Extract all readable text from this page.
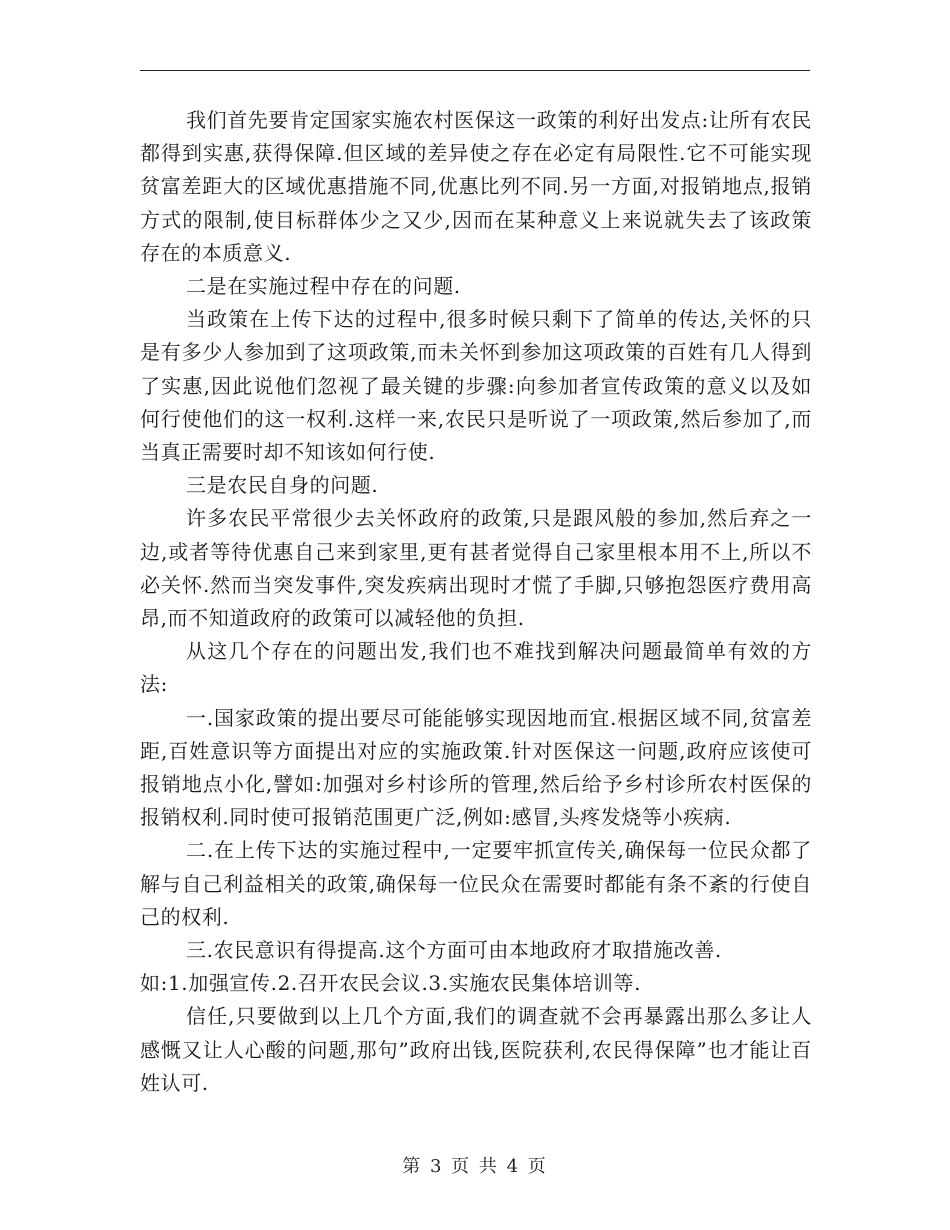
我们首先要肯定国家实施农村医保这一政策的利好出发点:让所有农民都得到实惠,获得保障.但区域的差异使之存在必定有局限性.它不可能实现贫富差距大的区域优惠措施不同,优惠比列不同.另一方面,对报销地点,报销方式的限制,使目标群体少之又少,因而在某种意义上来说就失去了该政策存在的本质意义.

二是在实施过程中存在的问题.

当政策在上传下达的过程中,很多时候只剩下了简单的传达,关怀的只是有多少人参加到了这项政策,而未关怀到参加这项政策的百姓有几人得到了实惠,因此说他们忽视了最关键的步骤:向参加者宣传政策的意义以及如何行使他们的这一权利.这样一来,农民只是听说了一项政策,然后参加了,而当真正需要时却不知该如何行使.

三是农民自身的问题.

许多农民平常很少去关怀政府的政策,只是跟风般的参加,然后弃之一边,或者等待优惠自己来到家里,更有甚者觉得自己家里根本用不上,所以不必关怀.然而当突发事件,突发疾病出现时才慌了手脚,只够抱怨医疗费用高昂,而不知道政府的政策可以减轻他的负担.

从这几个存在的问题出发,我们也不难找到解决问题最简单有效的方法:

一.国家政策的提出要尽可能能够实现因地而宜.根据区域不同,贫富差距,百姓意识等方面提出对应的实施政策.针对医保这一问题,政府应该使可报销地点小化,譬如:加强对乡村诊所的管理,然后给予乡村诊所农村医保的报销权利.同时使可报销范围更广泛,例如:感冒,头疼发烧等小疾病.

二.在上传下达的实施过程中,一定要牢抓宣传关,确保每一位民众都了解与自己利益相关的政策,确保每一位民众在需要时都能有条不紊的行使自己的权利.

三.农民意识有得提高.这个方面可由本地政府才取措施改善.

如:1.加强宣传.2.召开农民会议.3.实施农民集体培训等.

信任,只要做到以上几个方面,我们的调查就不会再暴露出那么多让人感慨又让人心酸的问题,那句”政府出钱,医院获利,农民得保障”也才能让百姓认可.

第 3 页 共 4 页
